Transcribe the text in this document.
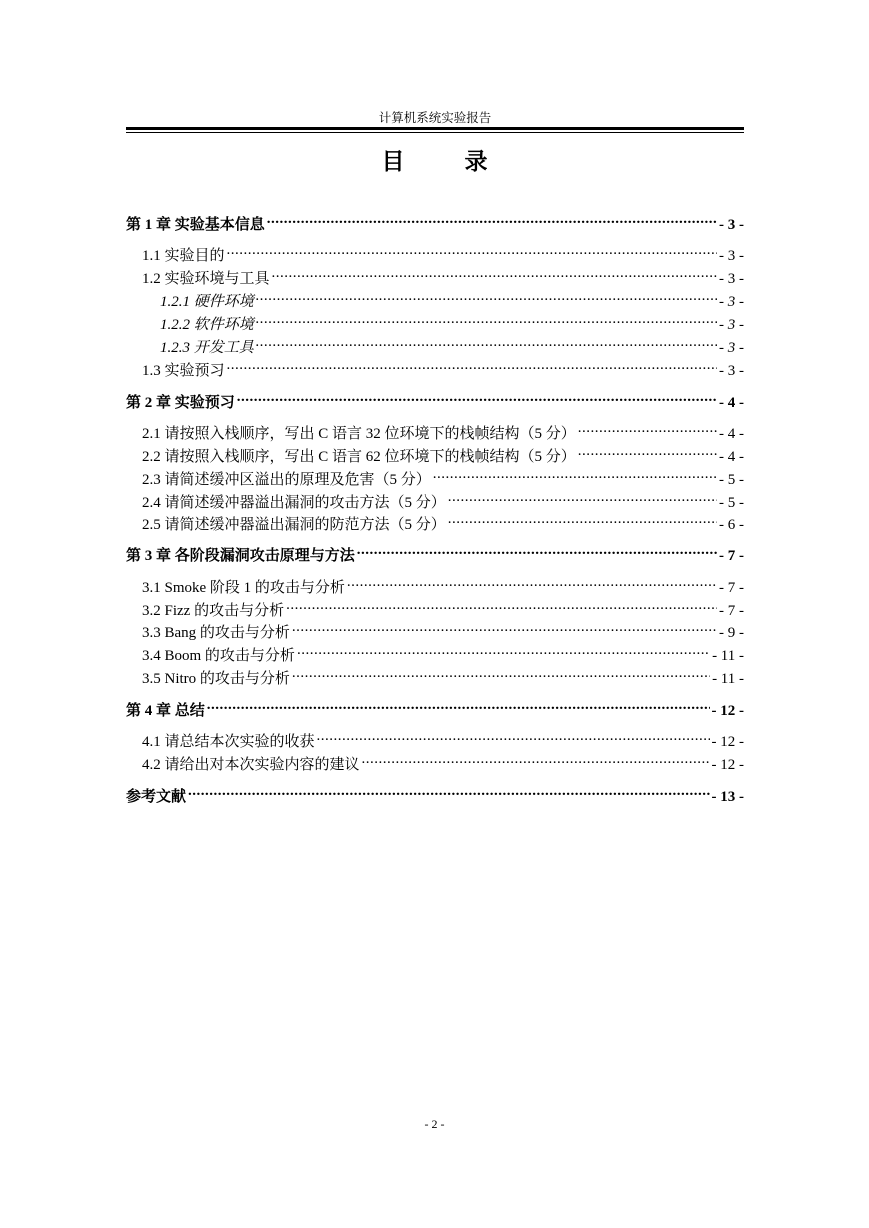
计算机系统实验报告
目 录
第 1 章 实验基本信息 .....	- 3 -
1.1 实验目的 .....	- 3 -
1.2 实验环境与工具 .....	- 3 -
1.2.1 硬件环境 .....	- 3 -
1.2.2 软件环境 .....	- 3 -
1.2.3 开发工具 .....	- 3 -
1.3 实验预习 .....	- 3 -
第 2 章 实验预习 .....	- 4 -
2.1 请按照入栈顺序，写出 C 语言 32 位环境下的栈帧结构（5 分） .....	- 4 -
2.2 请按照入栈顺序，写出 C 语言 62 位环境下的栈帧结构（5 分） .....	- 4 -
2.3 请简述缓冲区溢出的原理及危害（5 分） .....	- 5 -
2.4 请简述缓冲器溢出漏洞的攻击方法（5 分） .....	- 5 -
2.5 请简述缓冲器溢出漏洞的防范方法（5 分） .....	- 6 -
第 3 章 各阶段漏洞攻击原理与方法 .....	- 7 -
3.1 Smoke 阶段 1 的攻击与分析 .....	- 7 -
3.2 Fizz 的攻击与分析 .....	- 7 -
3.3 Bang 的攻击与分析 .....	- 9 -
3.4 Boom 的攻击与分析 .....	- 11 -
3.5 Nitro 的攻击与分析 .....	- 11 -
第 4 章 总结 .....	- 12 -
4.1 请总结本次实验的收获 .....	- 12 -
4.2 请给出对本次实验内容的建议 .....	- 12 -
参考文献 .....	- 13 -
- 2 -
